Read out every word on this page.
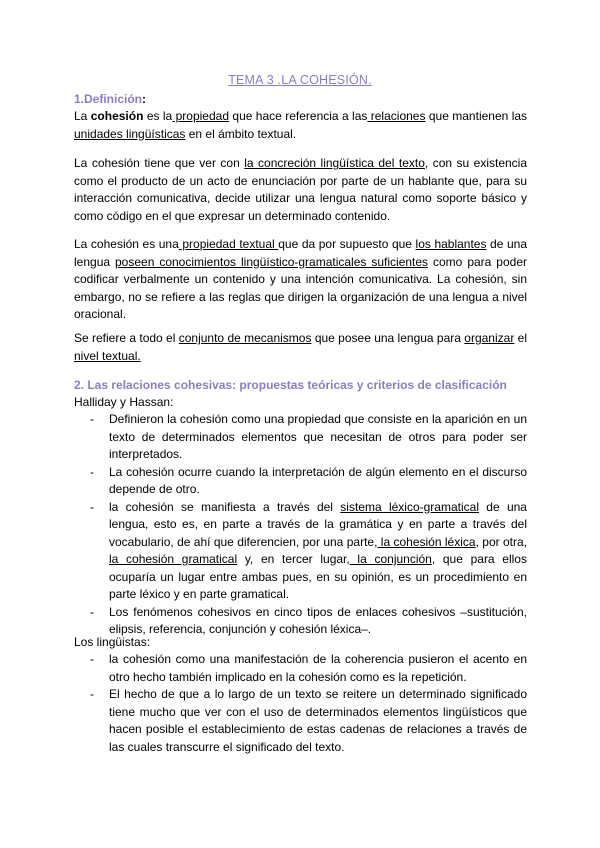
TEMA 3 .LA COHESIÓN.
1.Definición:

La cohesión es la propiedad que hace referencia a las relaciones que mantienen las unidades lingüísticas en el ámbito textual.

La cohesión tiene que ver con la concreción lingüística del texto, con su existencia como el producto de un acto de enunciación por parte de un hablante que, para su interacción comunicativa, decide utilizar una lengua natural como soporte básico y como código en el que expresar un determinado contenido.

La cohesión es una propiedad textual que da por supuesto que los hablantes de una lengua poseen conocimientos lingüístico-gramaticales suficientes como para poder codificar verbalmente un contenido y una intención comunicativa. La cohesión, sin embargo, no se refiere a las reglas que dirigen la organización de una lengua a nivel oracional.

Se refiere a todo el conjunto de mecanismos que posee una lengua para organizar el nivel textual.

2. Las relaciones cohesivas: propuestas teóricas y criterios de clasificación
Halliday y Hassan:
- Definieron la cohesión como una propiedad que consiste en la aparición en un texto de determinados elementos que necesitan de otros para poder ser interpretados.
- La cohesión ocurre cuando la interpretación de algún elemento en el discurso depende de otro.
- la cohesión se manifiesta a través del sistema léxico-gramatical de una lengua, esto es, en parte a través de la gramática y en parte a través del vocabulario, de ahí que diferencien, por una parte, la cohesión léxica, por otra, la cohesión gramatical y, en tercer lugar, la conjunción, que para ellos ocuparía un lugar entre ambas pues, en su opinión, es un procedimiento en parte léxico y en parte gramatical.
- Los fenómenos cohesivos en cinco tipos de enlaces cohesivos –sustitución, elipsis, referencia, conjunción y cohesión léxica–.
Los lingüistas:
- la cohesión como una manifestación de la coherencia pusieron el acento en otro hecho también implicado en la cohesión como es la repetición.
- El hecho de que a lo largo de un texto se reitere un determinado significado tiene mucho que ver con el uso de determinados elementos lingüísticos que hacen posible el establecimiento de estas cadenas de relaciones a través de las cuales transcurre el significado del texto.
